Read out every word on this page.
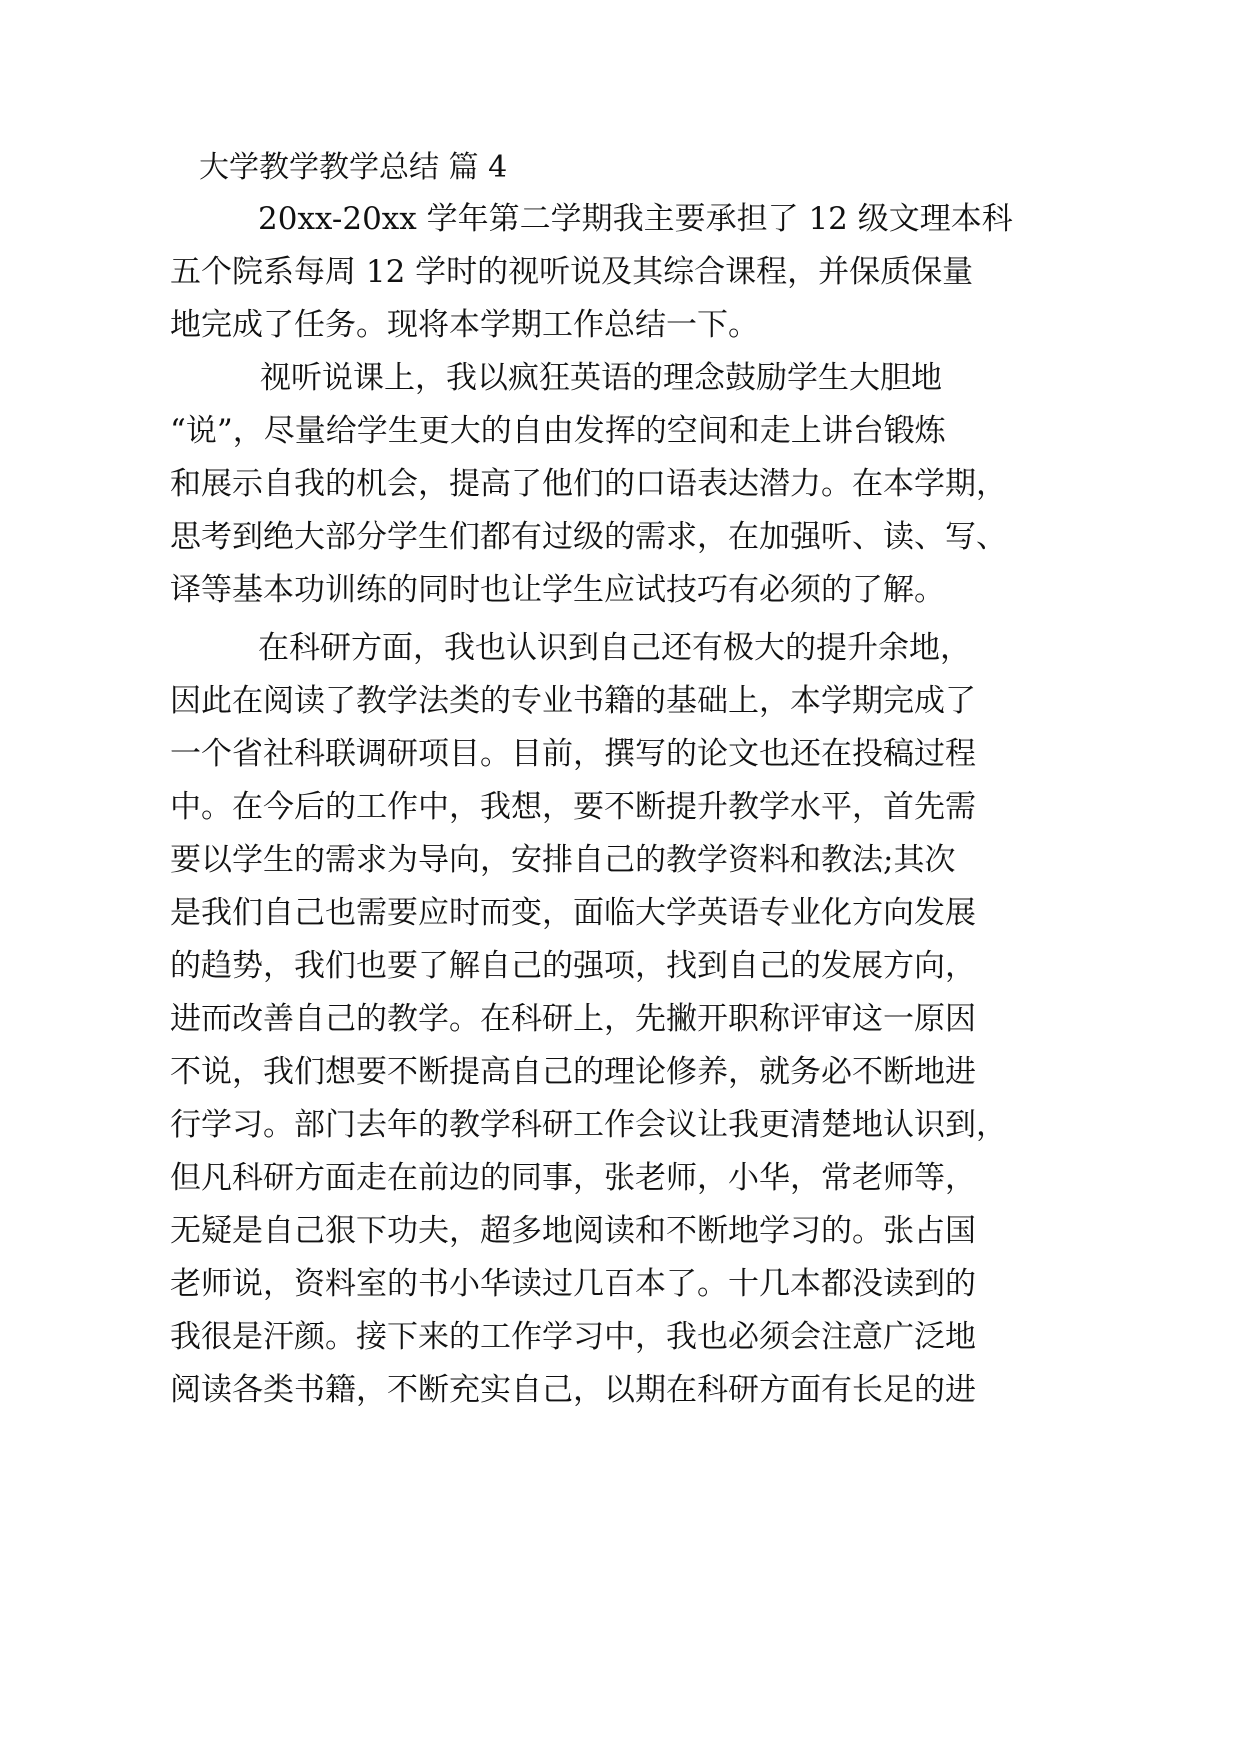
大学教学教学总结 篇 4
20xx-20xx 学年第二学期我主要承担了 12 级文理本科
五个院系每周 12 学时的视听说及其综合课程，并保质保量
地完成了任务。现将本学期工作总结一下。
视听说课上，我以疯狂英语的理念鼓励学生大胆地
“说”，尽量给学生更大的自由发挥的空间和走上讲台锻炼
和展示自我的机会，提高了他们的口语表达潜力。在本学期，
思考到绝大部分学生们都有过级的需求，在加强听、读、写、
译等基本功训练的同时也让学生应试技巧有必须的了解。
在科研方面，我也认识到自己还有极大的提升余地，
因此在阅读了教学法类的专业书籍的基础上，本学期完成了
一个省社科联调研项目。目前，撰写的论文也还在投稿过程
中。在今后的工作中，我想，要不断提升教学水平，首先需
要以学生的需求为导向，安排自己的教学资料和教法;其次
是我们自己也需要应时而变，面临大学英语专业化方向发展
的趋势，我们也要了解自己的强项，找到自己的发展方向，
进而改善自己的教学。在科研上，先撇开职称评审这一原因
不说，我们想要不断提高自己的理论修养，就务必不断地进
行学习。部门去年的教学科研工作会议让我更清楚地认识到，
但凡科研方面走在前边的同事，张老师，小华，常老师等，
无疑是自己狠下功夫，超多地阅读和不断地学习的。张占国
老师说，资料室的书小华读过几百本了。十几本都没读到的
我很是汗颜。接下来的工作学习中，我也必须会注意广泛地
阅读各类书籍，不断充实自己，以期在科研方面有长足的进
